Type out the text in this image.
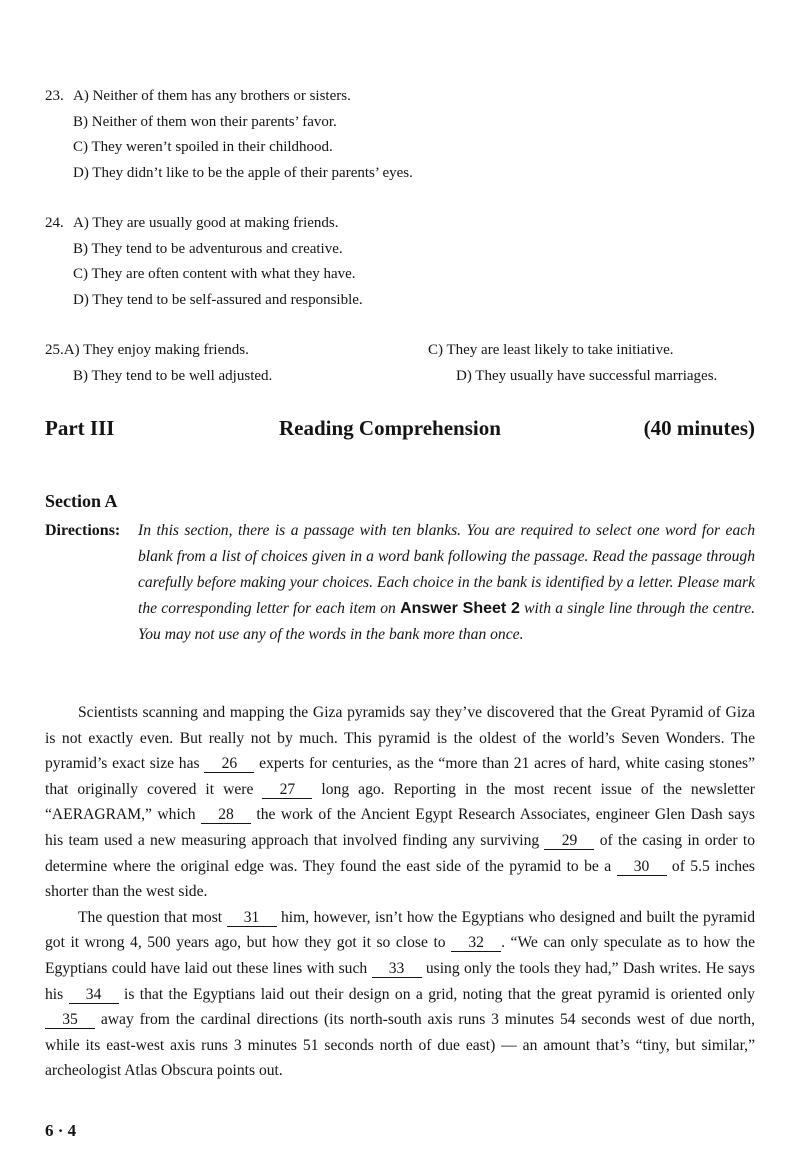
23. A) Neither of them has any brothers or sisters.
B) Neither of them won their parents’ favor.
C) They weren’t spoiled in their childhood.
D) They didn’t like to be the apple of their parents’ eyes.
24. A) They are usually good at making friends.
B) They tend to be adventurous and creative.
C) They are often content with what they have.
D) They tend to be self-assured and responsible.
25.A) They enjoy making friends.	C) They are least likely to take initiative.
B) They tend to be well adjusted.	D) They usually have successful marriages.
Part III	Reading Comprehension	(40 minutes)
Section A
Directions: In this section, there is a passage with ten blanks. You are required to select one word for each blank from a list of choices given in a word bank following the passage. Read the passage through carefully before making your choices. Each choice in the bank is identified by a letter. Please mark the corresponding letter for each item on Answer Sheet 2 with a single line through the centre. You may not use any of the words in the bank more than once.

Scientists scanning and mapping the Giza pyramids say they’ve discovered that the Great Pyramid of Giza is not exactly even. But really not by much. This pyramid is the oldest of the world’s Seven Wonders. The pyramid’s exact size has 26 experts for centuries, as the “more than 21 acres of hard, white casing stones” that originally covered it were 27 long ago. Reporting in the most recent issue of the newsletter “AERAGRAM,” which 28 the work of the Ancient Egypt Research Associates, engineer Glen Dash says his team used a new measuring approach that involved finding any surviving 29 of the casing in order to determine where the original edge was. They found the east side of the pyramid to be a 30 of 5.5 inches shorter than the west side.

The question that most 31 him, however, isn’t how the Egyptians who designed and built the pyramid got it wrong 4, 500 years ago, but how they got it so close to 32 . “We can only speculate as to how the Egyptians could have laid out these lines with such 33 using only the tools they had,” Dash writes. He says his 34 is that the Egyptians laid out their design on a grid, noting that the great pyramid is oriented only 35 away from the cardinal directions (its north-south axis runs 3 minutes 54 seconds west of due north, while its east-west axis runs 3 minutes 51 seconds north of due east) — an amount that’s “tiny, but similar,” archeologist Atlas Obscura points out.

6 · 4
